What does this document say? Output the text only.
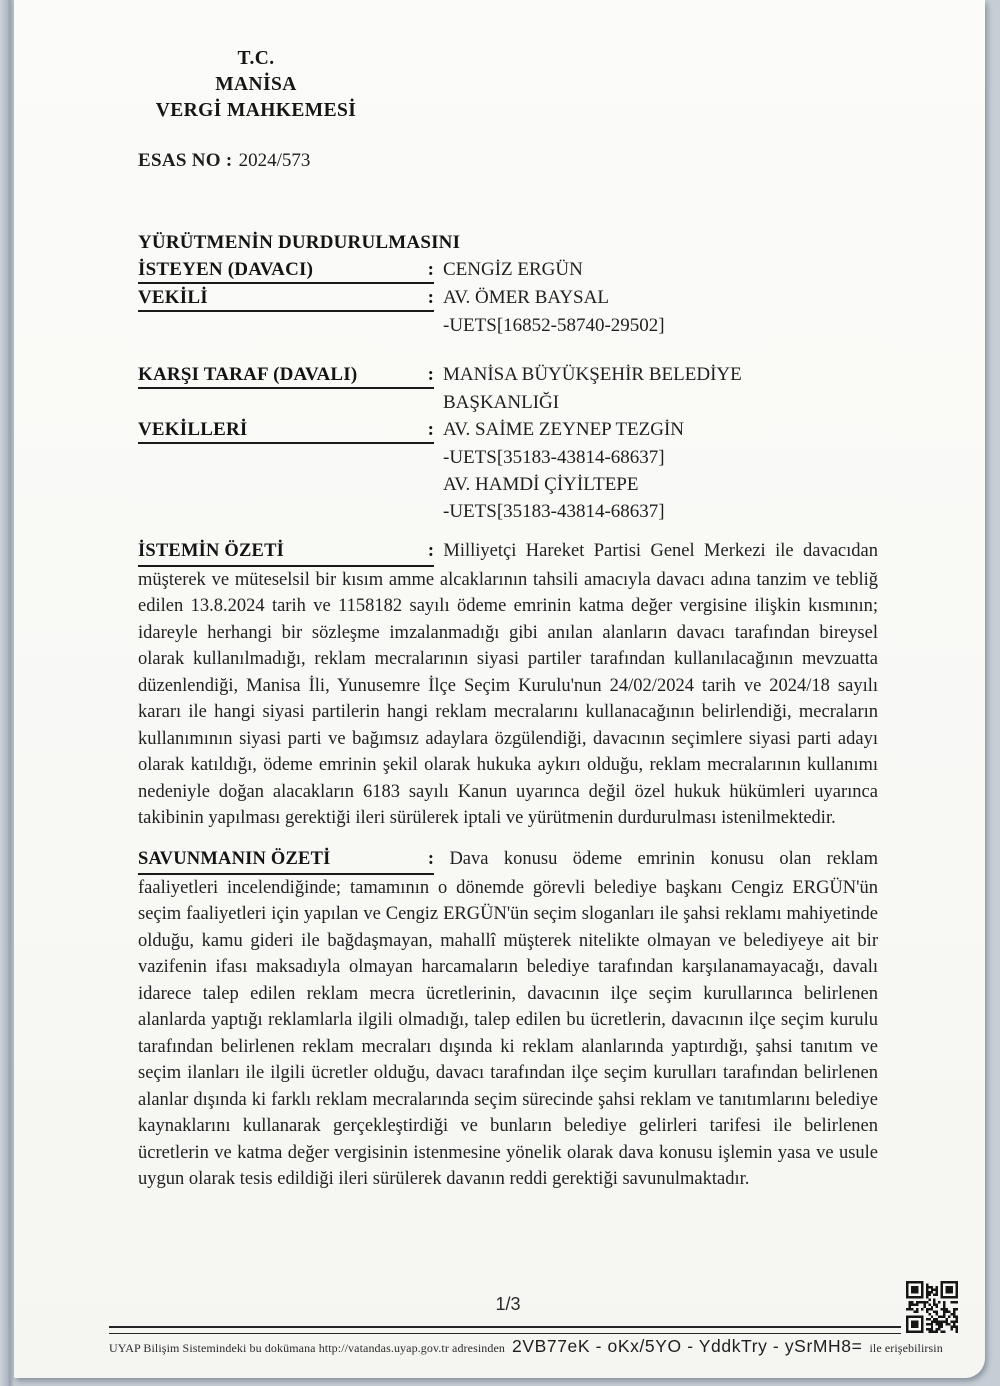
T.C.
MANİSA
VERGİ MAHKEMESİ
ESAS NO : 2024/573
YÜRÜTMENİN DURDURULMASINI
İSTEYEN (DAVACI)	: CENGİZ ERGÜN
VEKİLİ	: AV. ÖMER BAYSAL
-UETS[16852-58740-29502]
KARŞI TARAF (DAVALI)	: MANİSA BÜYÜKŞEHİR BELEDİYE
BAŞKANLIĞI
VEKİLLERİ	: AV. SAİME ZEYNEP TEZGİN
-UETS[35183-43814-68637]
AV. HAMDİ ÇİYİLTEPE
-UETS[35183-43814-68637]

İSTEMİN ÖZETİ	: Milliyetçi Hareket Partisi Genel Merkezi ile davacıdan müşterek ve müteselsil bir kısım amme alcaklarının tahsili amacıyla davacı adına tanzim ve tebliğ edilen 13.8.2024 tarih ve 1158182 sayılı ödeme emrinin katma değer vergisine ilişkin kısmının; idareyle herhangi bir sözleşme imzalanmadığı gibi anılan alanların davacı tarafından bireysel olarak kullanılmadığı, reklam mecralarının siyasi partiler tarafından kullanılacağının mevzuatta düzenlendiği, Manisa İli, Yunusemre İlçe Seçim Kurulu'nun 24/02/2024 tarih ve 2024/18 sayılı kararı ile hangi siyasi partilerin hangi reklam mecralarını kullanacağının belirlendiği, mecraların kullanımının siyasi parti ve bağımsız adaylara özgülendiği, davacının seçimlere siyasi parti adayı olarak katıldığı, ödeme emrinin şekil olarak hukuka aykırı olduğu, reklam mecralarının kullanımı nedeniyle doğan alacakların 6183 sayılı Kanun uyarınca değil özel hukuk hükümleri uyarınca takibinin yapılması gerektiği ileri sürülerek iptali ve yürütmenin durdurulması istenilmektedir.

SAVUNMANIN ÖZETİ	: Dava konusu ödeme emrinin konusu olan reklam faaliyetleri incelendiğinde; tamamının o dönemde görevli belediye başkanı Cengiz ERGÜN'ün seçim faaliyetleri için yapılan ve Cengiz ERGÜN'ün seçim sloganları ile şahsi reklamı mahiyetinde olduğu, kamu gideri ile bağdaşmayan, mahallî müşterek nitelikte olmayan ve belediyeye ait bir vazifenin ifası maksadıyla olmayan harcamaların belediye tarafından karşılanamayacağı, davalı idarece talep edilen reklam mecra ücretlerinin, davacının ilçe seçim kurullarınca belirlenen alanlarda yaptığı reklamlarla ilgili olmadığı, talep edilen bu ücretlerin, davacının ilçe seçim kurulu tarafından belirlenen reklam mecraları dışında ki reklam alanlarında yaptırdığı, şahsi tanıtım ve seçim ilanları ile ilgili ücretler olduğu, davacı tarafından ilçe seçim kurulları tarafından belirlenen alanlar dışında ki farklı reklam mecralarında seçim sürecinde şahsi reklam ve tanıtımlarını belediye kaynaklarını kullanarak gerçekleştirdiği ve bunların belediye gelirleri tarifesi ile belirlenen ücretlerin ve katma değer vergisinin istenmesine yönelik olarak dava konusu işlemin yasa ve usule uygun olarak tesis edildiği ileri sürülerek davanın reddi gerektiği savunulmaktadır.

1/3
UYAP Bilişim Sistemindeki bu dokümana http://vatandas.uyap.gov.tr adresinden 2VB77eK - oKx/5YO - YddkTry - ySrMH8= ile erişebilirsin
